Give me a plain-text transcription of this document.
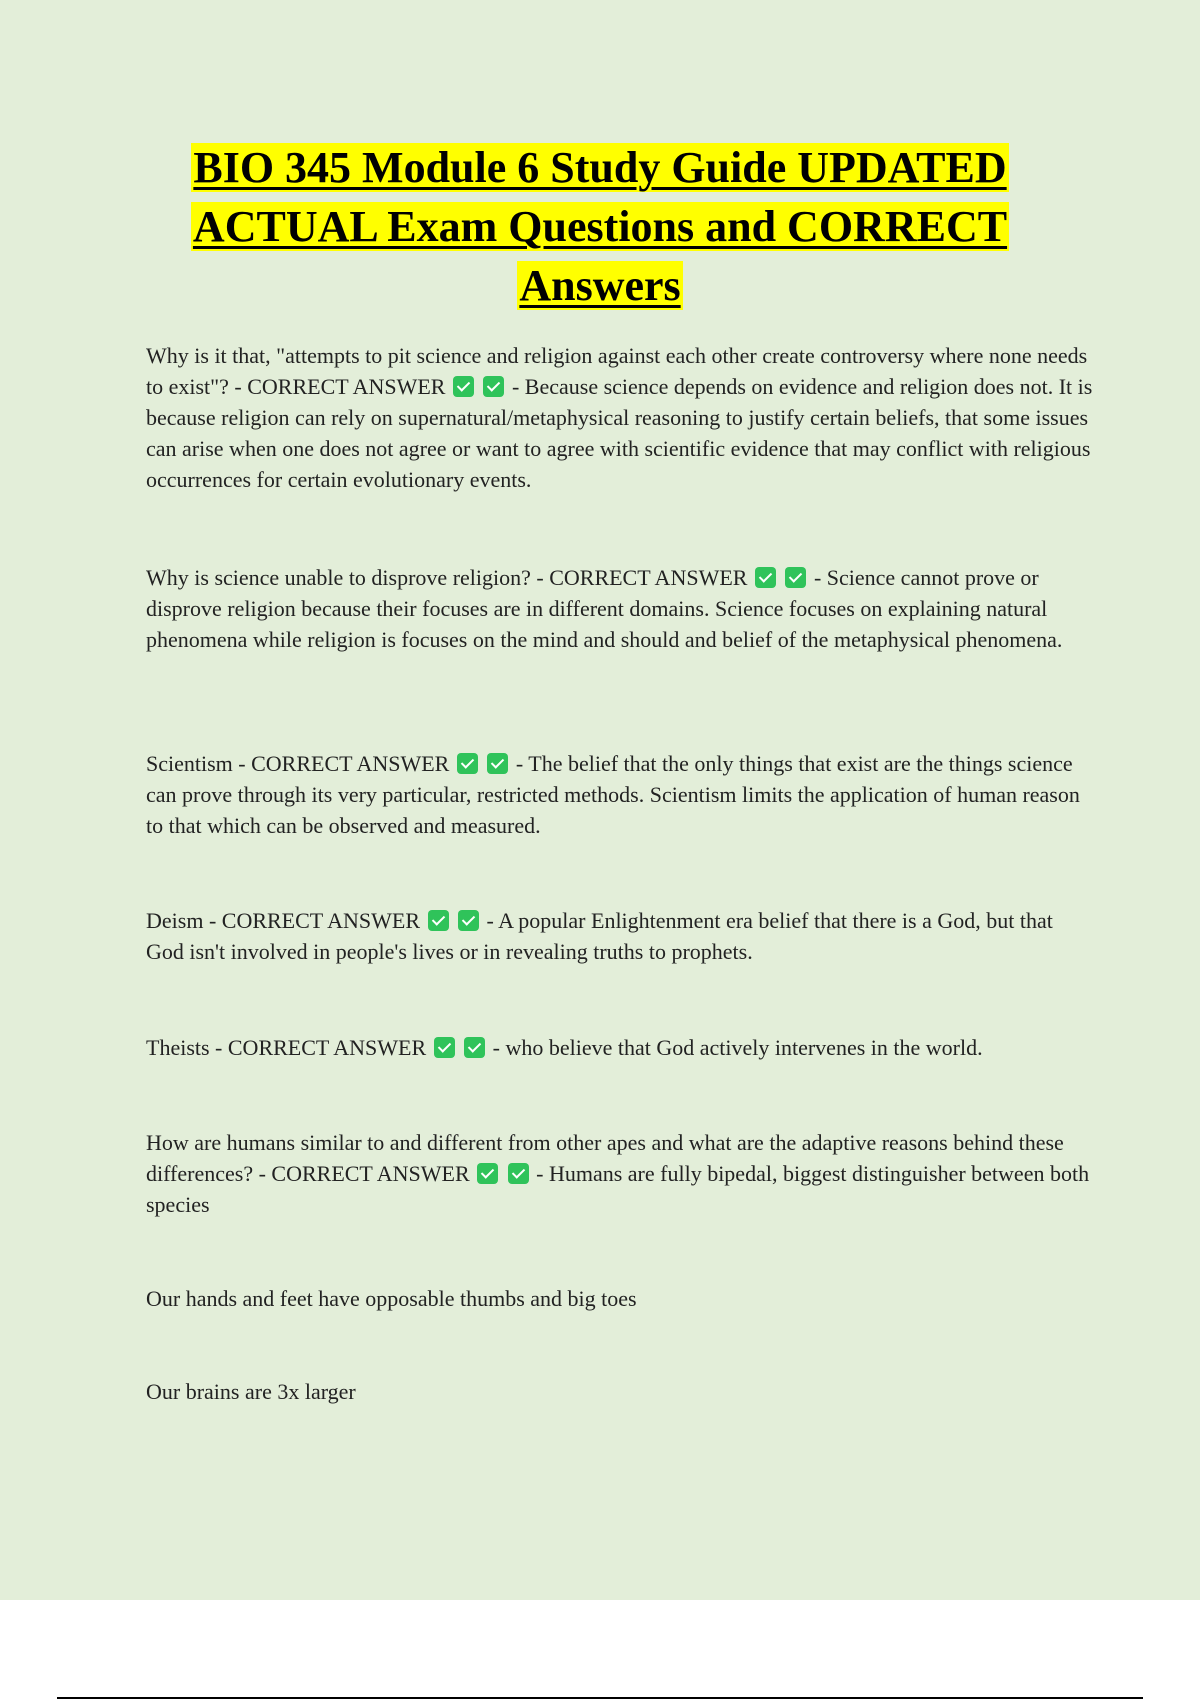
BIO 345 Module 6 Study Guide UPDATED
ACTUAL Exam Questions and CORRECT
Answers

Why is it that, "attempts to pit science and religion against each other create controversy where none needs to exist"? - CORRECT ANSWER	- Because science depends on evidence and religion does not. It is because religion can rely on supernatural/metaphysical reasoning to justify certain beliefs, that some issues can arise when one does not agree or want to agree with scientific evidence that may conflict with religious occurrences for certain evolutionary events.

Why is science unable to disprove religion? - CORRECT ANSWER	- Science cannot prove or disprove religion because their focuses are in different domains. Science focuses on explaining natural phenomena while religion is focuses on the mind and should and belief of the metaphysical phenomena.

Scientism - CORRECT ANSWER	- The belief that the only things that exist are the things science can prove through its very particular, restricted methods. Scientism limits the application of human reason to that which can be observed and measured.

Deism - CORRECT ANSWER	- A popular Enlightenment era belief that there is a God, but that God isn't involved in people's lives or in revealing truths to prophets.

Theists - CORRECT ANSWER	- who believe that God actively intervenes in the world.

How are humans similar to and different from other apes and what are the adaptive reasons behind these differences? - CORRECT ANSWER	- Humans are fully bipedal, biggest distinguisher between both species

Our hands and feet have opposable thumbs and big toes

Our brains are 3x larger
